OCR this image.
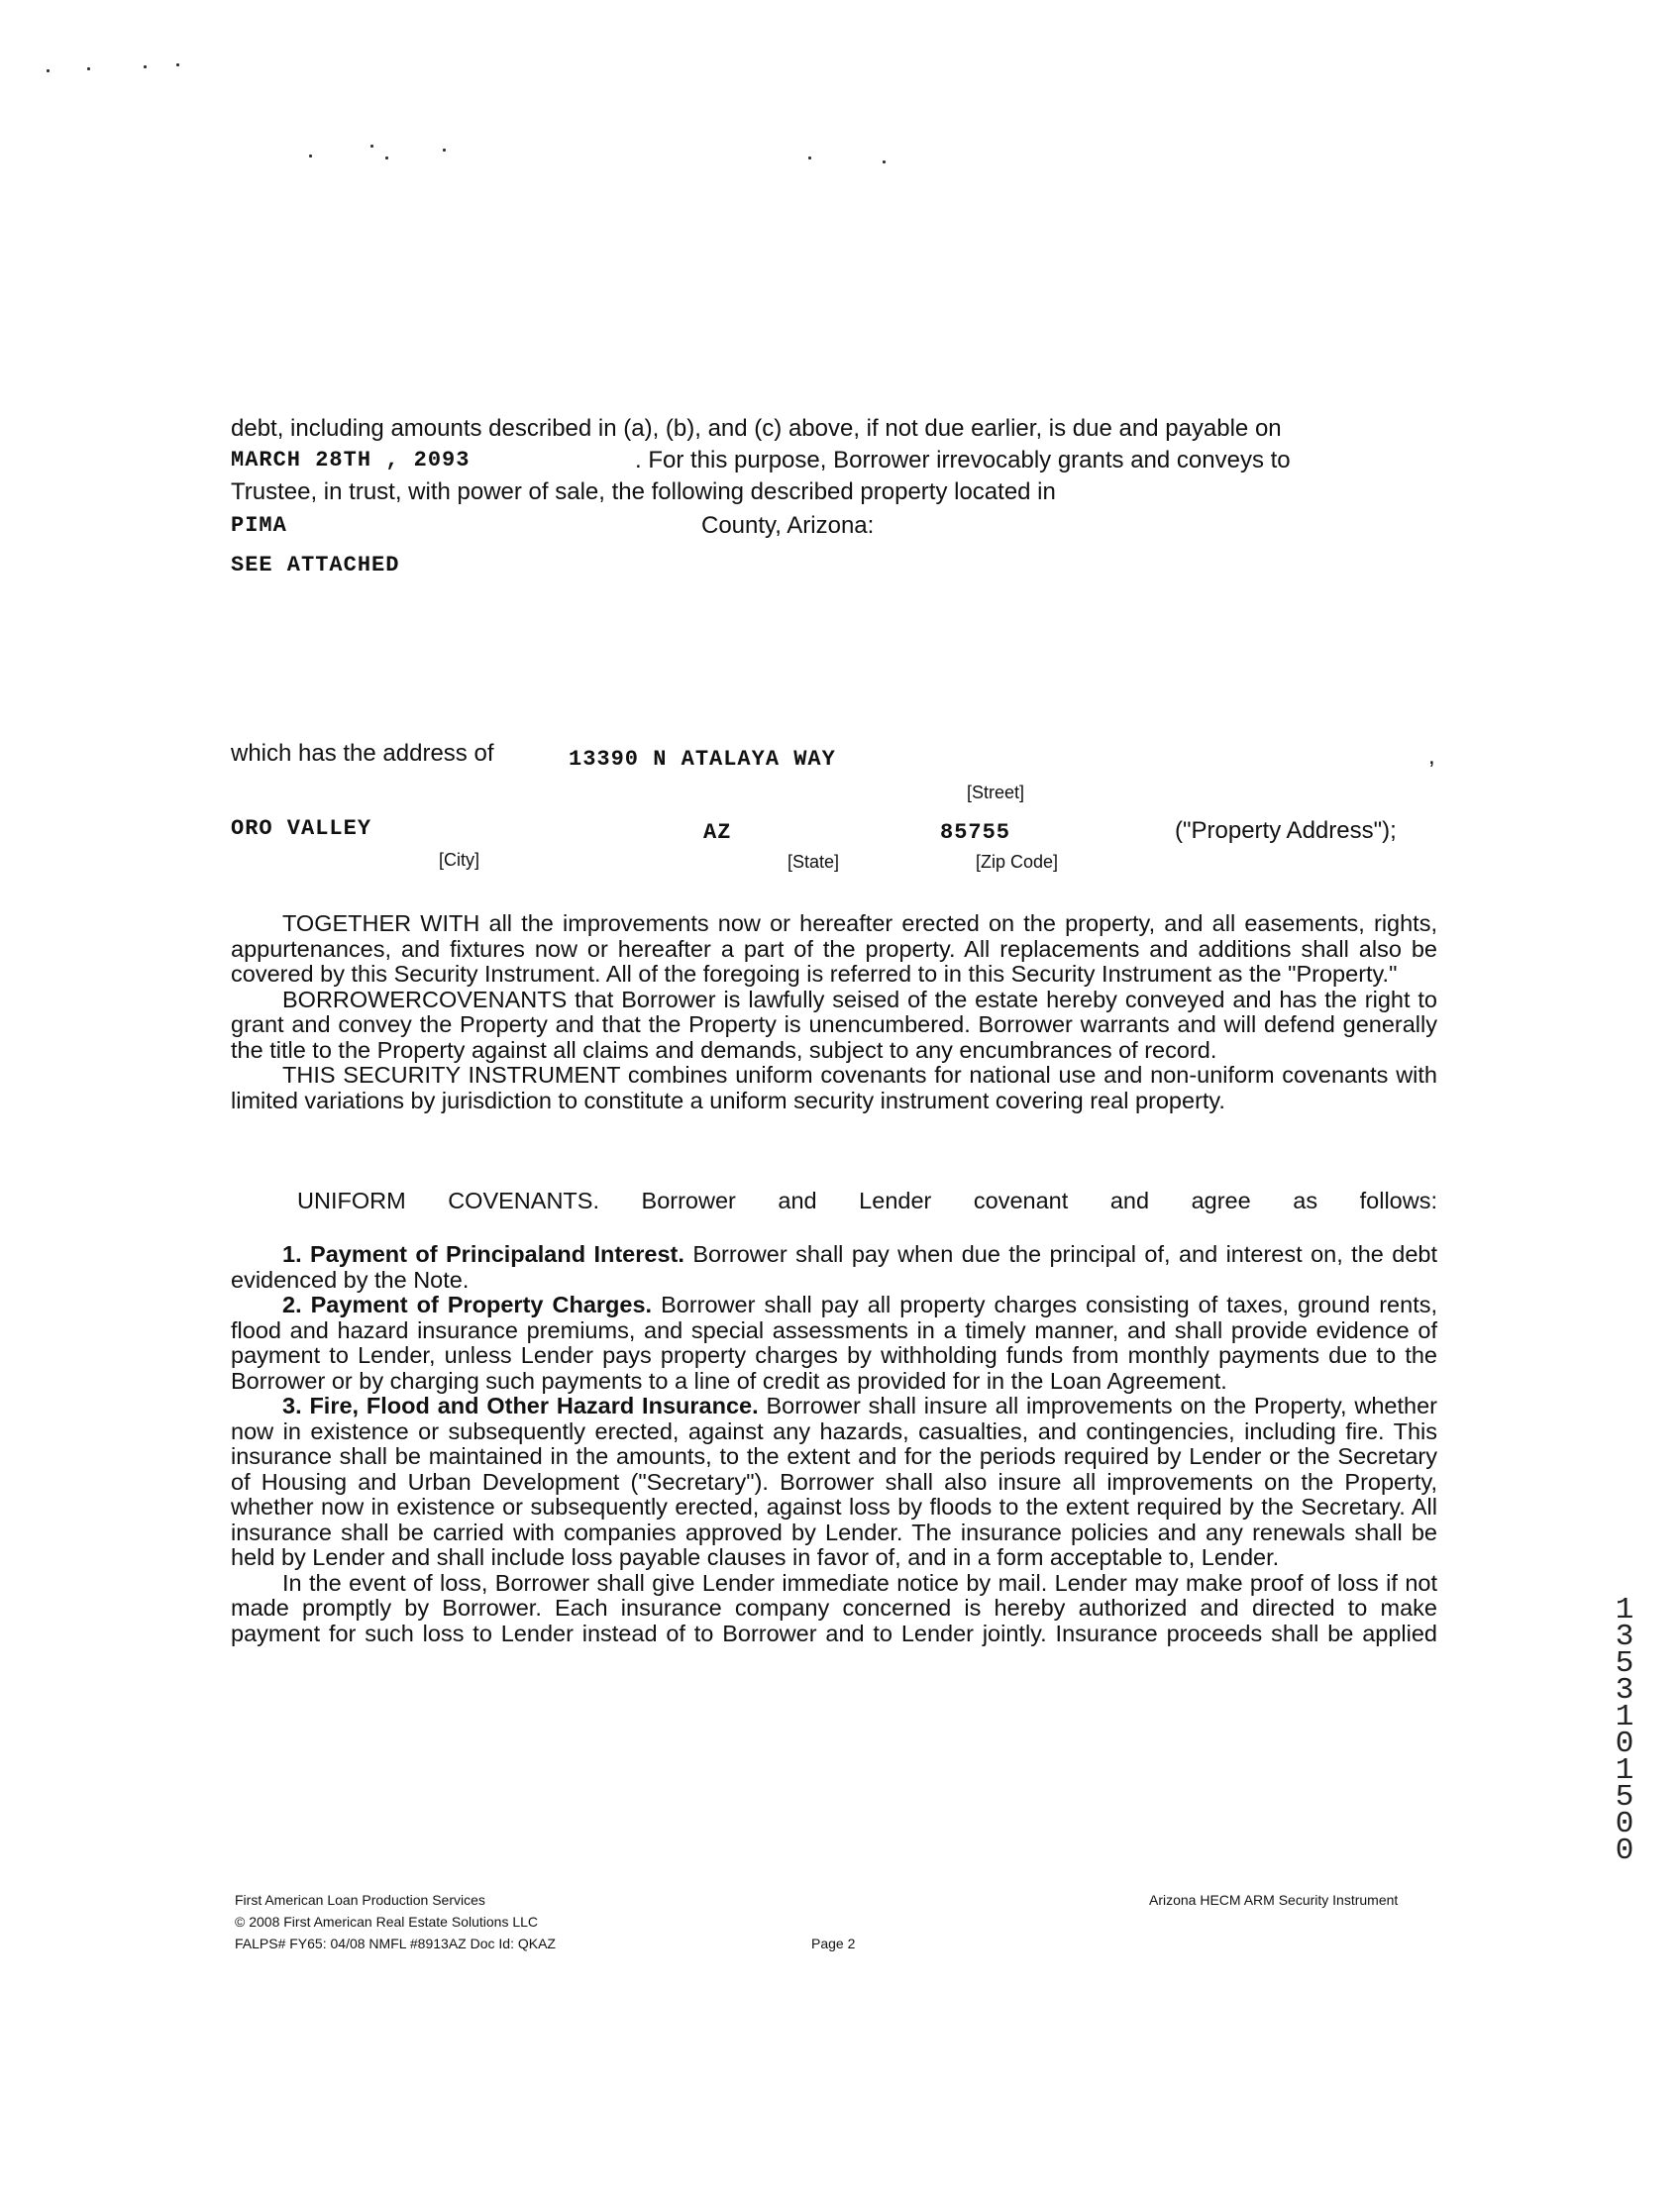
debt, including amounts described in (a), (b), and (c) above, if not due earlier, is due and payable on
MARCH 28TH , 2093	. For this purpose, Borrower irrevocably grants and conveys to
Trustee, in trust, with power of sale, the following described property located in
PIMA	County, Arizona:
SEE ATTACHED
which has the address of	13390 N ATALAYA WAY	,
[Street]
ORO VALLEY	AZ	85755	("Property Address");
[City]	[State]	[Zip Code]

TOGETHER WITH all the improvements now or hereafter erected on the property, and all easements, rights, appurtenances, and fixtures now or hereafter a part of the property. All replacements and additions shall also be covered by this Security Instrument. All of the foregoing is referred to in this Security Instrument as the "Property."

BORROWERCOVENANTS that Borrower is lawfully seised of the estate hereby conveyed and has the right to grant and convey the Property and that the Property is unencumbered. Borrower warrants and will defend generally the title to the Property against all claims and demands, subject to any encumbrances of record.

THIS SECURITY INSTRUMENT combines uniform covenants for national use and non-uniform covenants with limited variations by jurisdiction to constitute a uniform security instrument covering real property.

UNIFORM COVENANTS. Borrower and Lender covenant and agree as follows:

1. Payment of Principaland Interest. Borrower shall pay when due the principal of, and interest on, the debt evidenced by the Note.

2. Payment of Property Charges. Borrower shall pay all property charges consisting of taxes, ground rents, flood and hazard insurance premiums, and special assessments in a timely manner, and shall provide evidence of payment to Lender, unless Lender pays property charges by withholding funds from monthly payments due to the Borrower or by charging such payments to a line of credit as provided for in the Loan Agreement.

3. Fire, Flood and Other Hazard Insurance. Borrower shall insure all improvements on the Property, whether now in existence or subsequently erected, against any hazards, casualties, and contingencies, including fire. This insurance shall be maintained in the amounts, to the extent and for the periods required by Lender or the Secretary of Housing and Urban Development ("Secretary"). Borrower shall also insure all improvements on the Property, whether now in existence or subsequently erected, against loss by floods to the extent required by the Secretary. All insurance shall be carried with companies approved by Lender. The insurance policies and any renewals shall be held by Lender and shall include loss payable clauses in favor of, and in a form acceptable to, Lender.

In the event of loss, Borrower shall give Lender immediate notice by mail. Lender may make proof of loss if not made promptly by Borrower. Each insurance company concerned is hereby authorized and directed to make payment for such loss to Lender instead of to Borrower and to Lender jointly. Insurance proceeds shall be applied

First American Loan Production Services
© 2008 First American Real Estate Solutions LLC
FALPS# FY65: 04/08 NMFL #8913AZ Doc Id: QKAZ	Page 2
Arizona HECM ARM Security Instrument
1 3 5 3 1 0 1 5 0 0
